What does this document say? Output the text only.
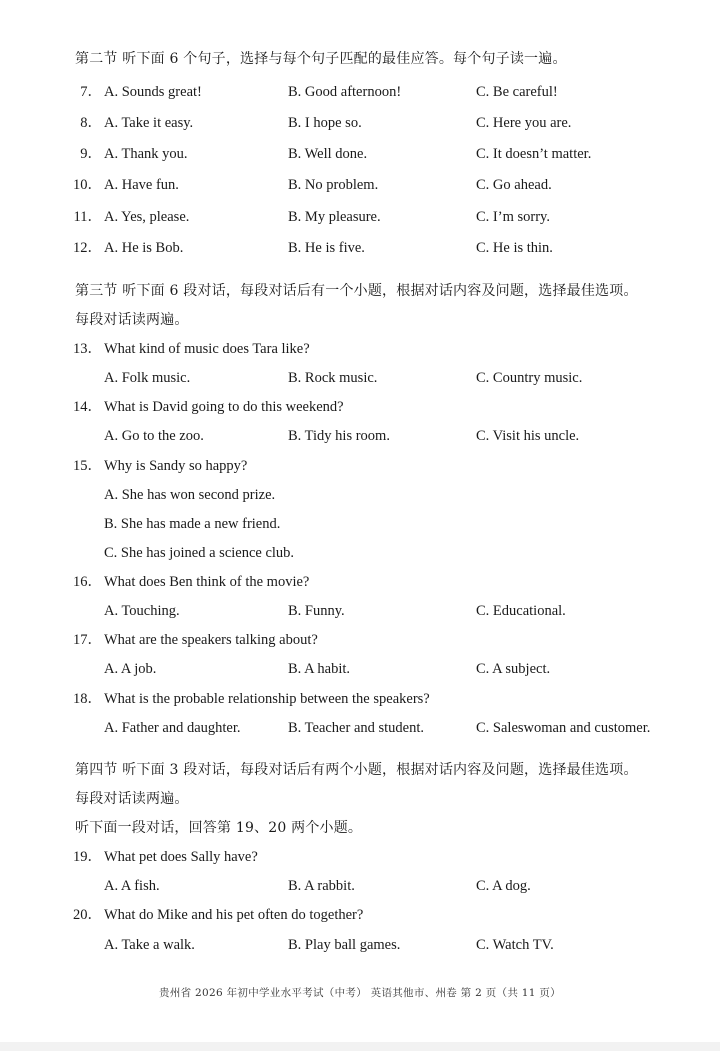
第二节 听下面 6 个句子，选择与每个句子匹配的最佳应答。每个句子读一遍。
7． A. Sounds great!	B. Good afternoon!	C. Be careful!
8． A. Take it easy.	B. I hope so.	C. Here you are.
9． A. Thank you.	B. Well done.	C. It doesn’t matter.
10． A. Have fun.	B. No problem.	C. Go ahead.
11． A. Yes, please.	B. My pleasure.	C. I’m sorry.
12． A. He is Bob.	B. He is five.	C. He is thin.
第三节 听下面 6 段对话，每段对话后有一个小题，根据对话内容及问题，选择最佳选项。
每段对话读两遍。
13． What kind of music does Tara like?
A. Folk music.	B. Rock music.	C. Country music.
14． What is David going to do this weekend?
A. Go to the zoo.	B. Tidy his room.	C. Visit his uncle.
15． Why is Sandy so happy?
A. She has won second prize.
B. She has made a new friend.
C. She has joined a science club.
16． What does Ben think of the movie?
A. Touching.	B. Funny.	C. Educational.
17． What are the speakers talking about?
A. A job.	B. A habit.	C. A subject.
18． What is the probable relationship between the speakers?
A. Father and daughter.	B. Teacher and student.	C. Saleswoman and customer.
第四节 听下面 3 段对话，每段对话后有两个小题，根据对话内容及问题，选择最佳选项。
每段对话读两遍。
听下面一段对话，回答第 19、20 两个小题。
19． What pet does Sally have?
A. A fish.	B. A rabbit.	C. A dog.
20． What do Mike and his pet often do together?
A. Take a walk.	B. Play ball games.	C. Watch TV.
贵州省 2026 年初中学业水平考试（中考） 英语其他市、州卷 第 2 页（共 11 页）
